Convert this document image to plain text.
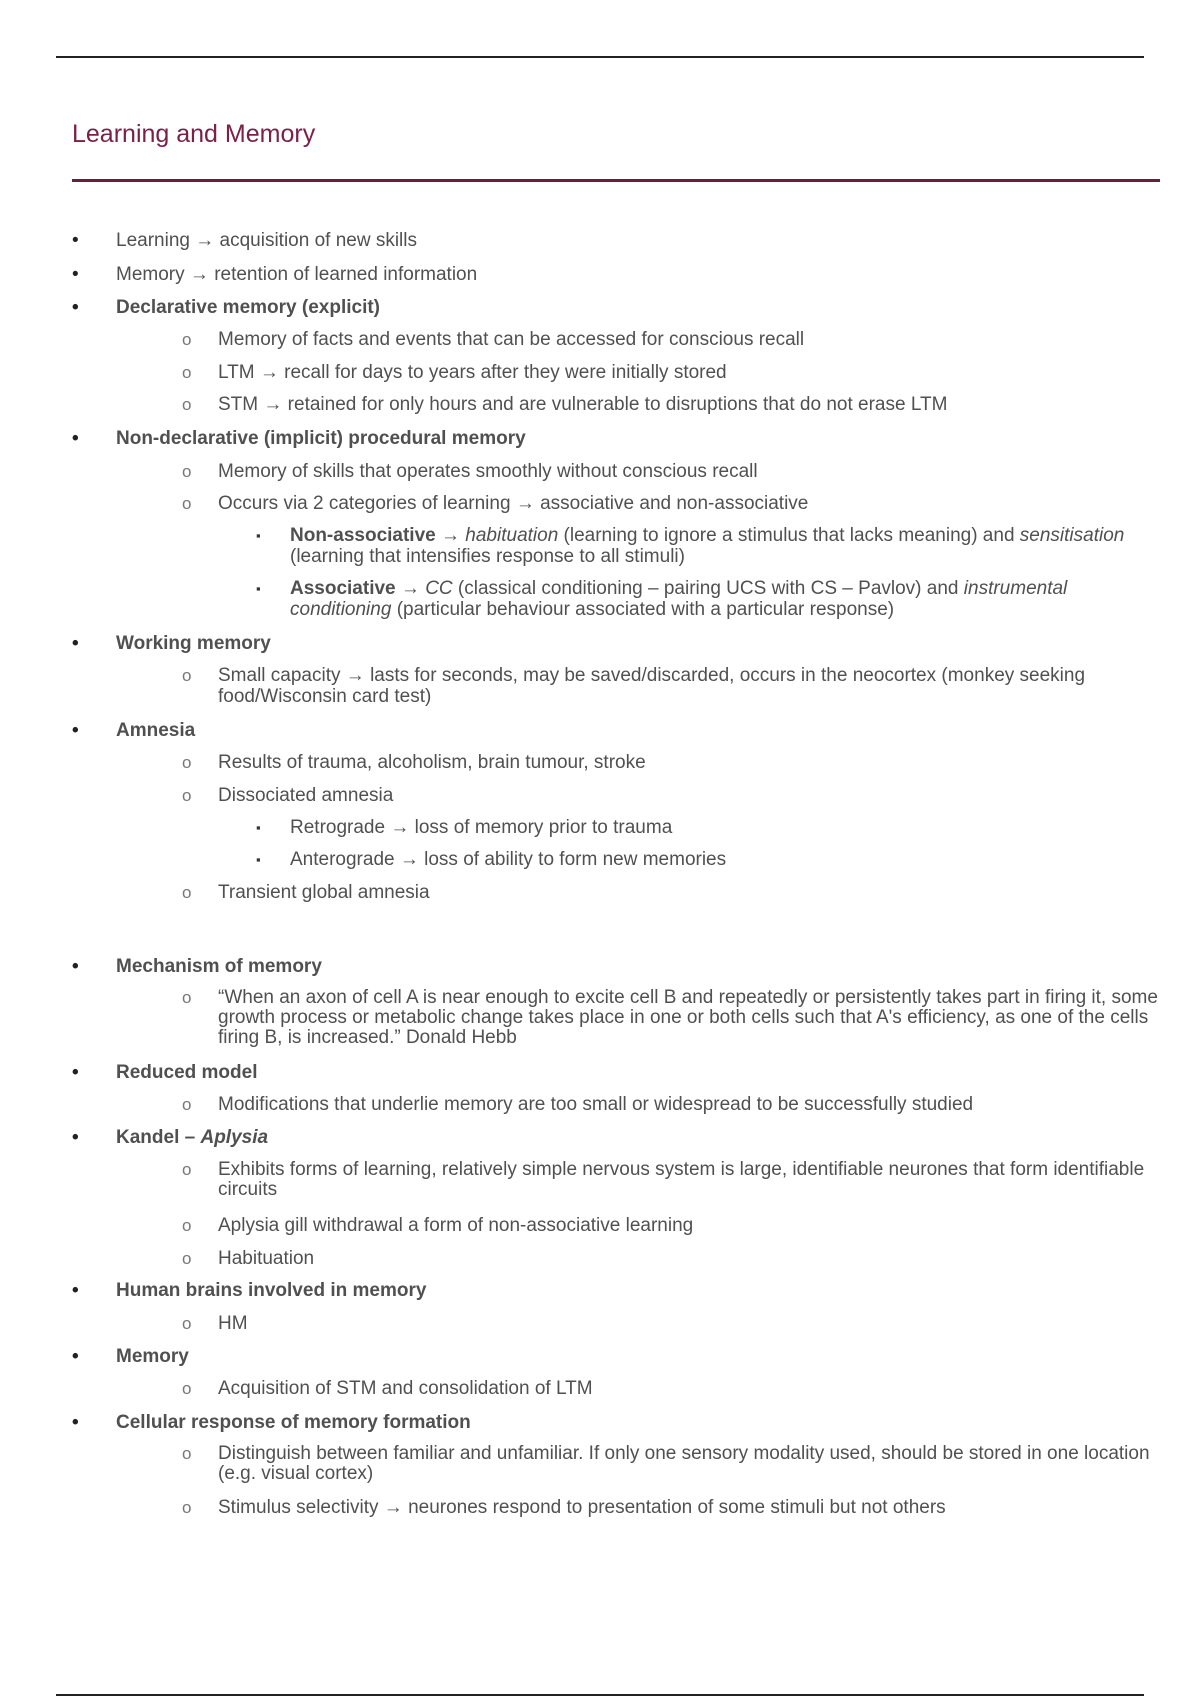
Learning and Memory
• Learning → acquisition of new skills
• Memory → retention of learned information
• Declarative memory (explicit)
o Memory of facts and events that can be accessed for conscious recall
o LTM → recall for days to years after they were initially stored
o STM → retained for only hours and are vulnerable to disruptions that do not erase LTM
• Non-declarative (implicit) procedural memory
o Memory of skills that operates smoothly without conscious recall
o Occurs via 2 categories of learning → associative and non-associative
▪ Non-associative → habituation (learning to ignore a stimulus that lacks meaning) and sensitisation (learning that intensifies response to all stimuli)
▪ Associative → CC (classical conditioning – pairing UCS with CS – Pavlov) and instrumental conditioning (particular behaviour associated with a particular response)
• Working memory
o Small capacity → lasts for seconds, may be saved/discarded, occurs in the neocortex (monkey seeking food/Wisconsin card test)
• Amnesia
o Results of trauma, alcoholism, brain tumour, stroke
o Dissociated amnesia
▪ Retrograde → loss of memory prior to trauma
▪ Anterograde → loss of ability to form new memories
o Transient global amnesia
• Mechanism of memory
o “When an axon of cell A is near enough to excite cell B and repeatedly or persistently takes part in firing it, some growth process or metabolic change takes place in one or both cells such that A's efficiency, as one of the cells firing B, is increased.” Donald Hebb
• Reduced model
o Modifications that underlie memory are too small or widespread to be successfully studied
• Kandel – Aplysia
o Exhibits forms of learning, relatively simple nervous system is large, identifiable neurones that form identifiable circuits
o Aplysia gill withdrawal a form of non-associative learning
o Habituation
• Human brains involved in memory
o HM
• Memory
o Acquisition of STM and consolidation of LTM
• Cellular response of memory formation
o Distinguish between familiar and unfamiliar. If only one sensory modality used, should be stored in one location (e.g. visual cortex)
o Stimulus selectivity → neurones respond to presentation of some stimuli but not others
